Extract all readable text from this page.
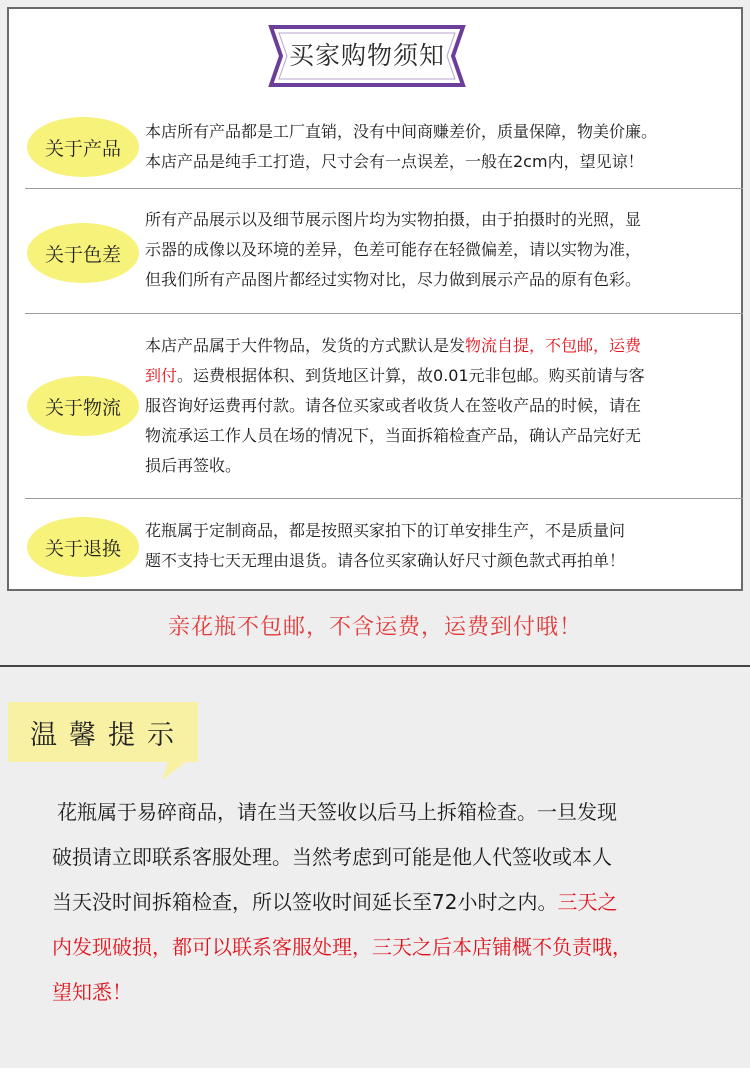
买家购物须知
关于产品
本店所有产品都是工厂直销，没有中间商赚差价，质量保障，物美价廉。
本店产品是纯手工打造，尺寸会有一点误差，一般在2cm内，望见谅！
关于色差
所有产品展示以及细节展示图片均为实物拍摄，由于拍摄时的光照，显
示器的成像以及环境的差异，色差可能存在轻微偏差，请以实物为准，
但我们所有产品图片都经过实物对比，尽力做到展示产品的原有色彩。
关于物流
本店产品属于大件物品，发货的方式默认是发物流自提，不包邮，运费
到付。运费根据体积、到货地区计算，故0.01元非包邮。购买前请与客
服咨询好运费再付款。请各位买家或者收货人在签收产品的时候，请在
物流承运工作人员在场的情况下，当面拆箱检查产品，确认产品完好无
损后再签收。
关于退换
花瓶属于定制商品，都是按照买家拍下的订单安排生产，不是质量问
题不支持七天无理由退货。请各位买家确认好尺寸颜色款式再拍单！
亲花瓶不包邮，不含运费，运费到付哦！
温馨提示
花瓶属于易碎商品，请在当天签收以后马上拆箱检查。一旦发现
破损请立即联系客服处理。当然考虑到可能是他人代签收或本人
当天没时间拆箱检查，所以签收时间延长至72小时之内。三天之
内发现破损，都可以联系客服处理，三天之后本店铺概不负责哦，
望知悉！
